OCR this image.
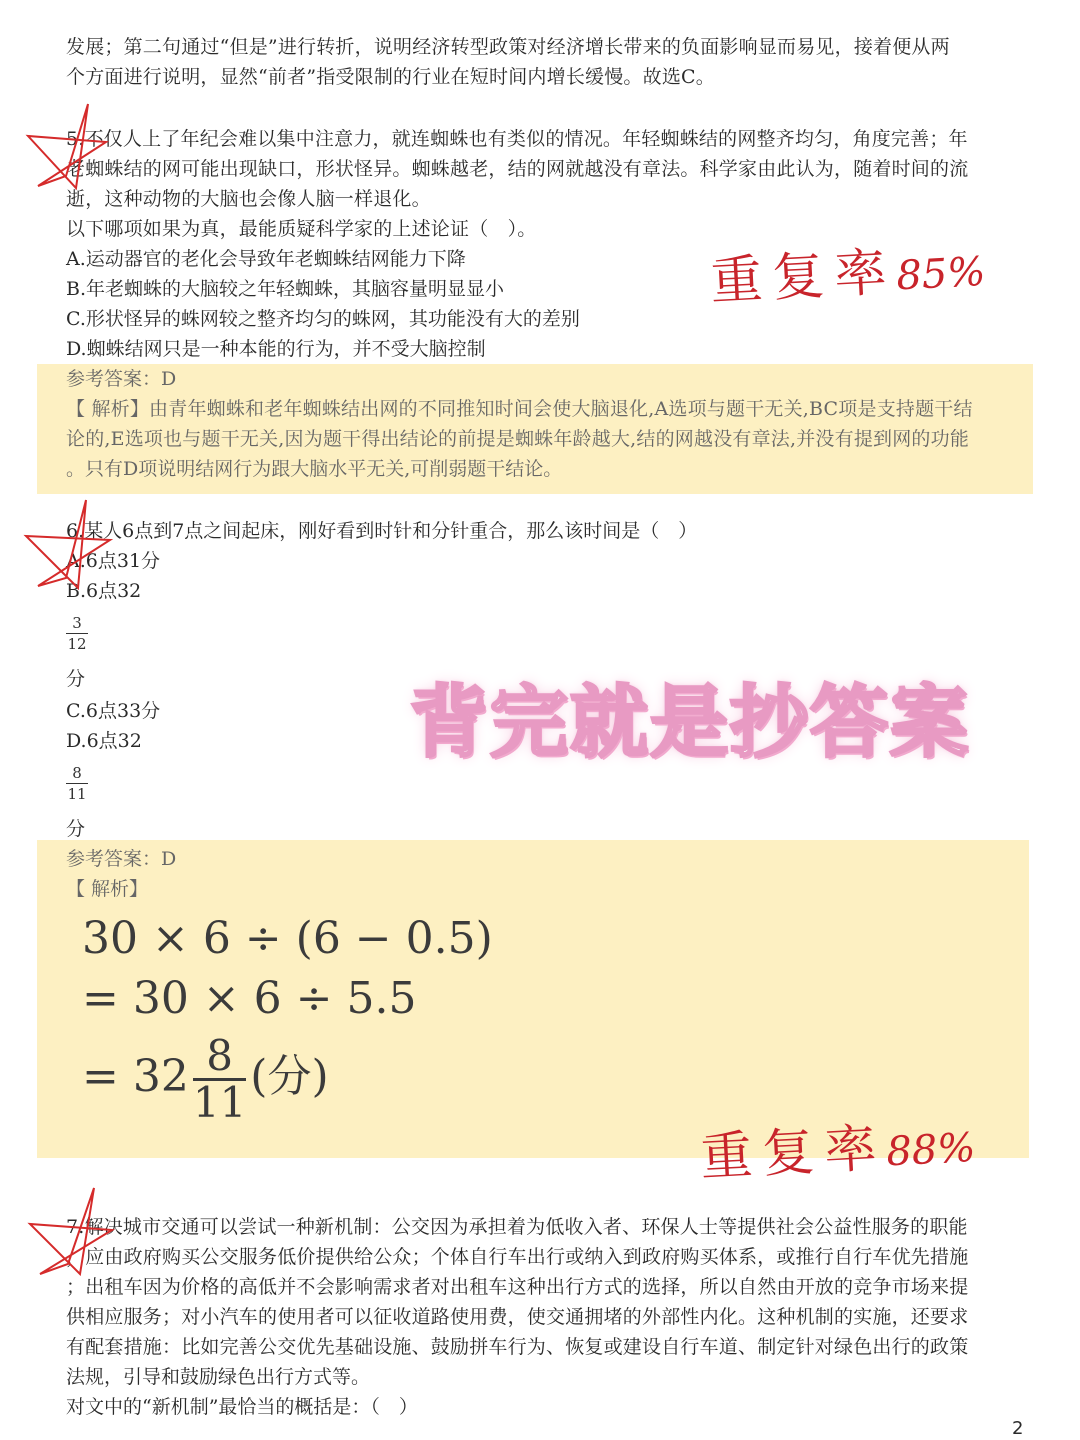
发展；第二句通过“但是”进行转折，说明经济转型政策对经济增长带来的负面影响显而易见，接着便从两
个方面进行说明，显然“前者”指受限制的行业在短时间内增长缓慢。故选C。
5.不仅人上了年纪会难以集中注意力，就连蜘蛛也有类似的情况。年轻蜘蛛结的网整齐均匀，角度完善；年
老蜘蛛结的网可能出现缺口，形状怪异。蜘蛛越老，结的网就越没有章法。科学家由此认为，随着时间的流
逝，这种动物的大脑也会像人脑一样退化。
以下哪项如果为真，最能质疑科学家的上述论证（　）。
A.运动器官的老化会导致年老蜘蛛结网能力下降
B.年老蜘蛛的大脑较之年轻蜘蛛，其脑容量明显显小
C.形状怪异的蛛网较之整齐均匀的蛛网，其功能没有大的差别
D.蜘蛛结网只是一种本能的行为，并不受大脑控制
参考答案：D
【 解析】由青年蜘蛛和老年蜘蛛结出网的不同推知时间会使大脑退化,A选项与题干无关,BC项是支持题干结
论的,E选项也与题干无关,因为题干得出结论的前提是蜘蛛年龄越大,结的网越没有章法,并没有提到网的功能
。只有D项说明结网行为跟大脑水平无关,可削弱题干结论。
重复率85%
6.某人6点到7点之间起床，刚好看到时针和分针重合，那么该时间是（　）
A.6点31分
B.6点32
3
12
分
C.6点33分
D.6点32
8
11
分
参考答案：D
【 解析】
30 × 6 ÷ (6 − 0.5)
= 30 × 6 ÷ 5.5
= $32\frac{8}{11}$(分)
重复率88%
背完就是抄答案
7.解决城市交通可以尝试一种新机制：公交因为承担着为低收入者、环保人士等提供社会公益性服务的职能
，应由政府购买公交服务低价提供给公众；个体自行车出行或纳入到政府购买体系，或推行自行车优先措施
；出租车因为价格的高低并不会影响需求者对出租车这种出行方式的选择，所以自然由开放的竞争市场来提
供相应服务；对小汽车的使用者可以征收道路使用费，使交通拥堵的外部性内化。这种机制的实施，还要求
有配套措施：比如完善公交优先基础设施、鼓励拼车行为、恢复或建设自行车道、制定针对绿色出行的政策
法规，引导和鼓励绿色出行方式等。
对文中的“新机制”最恰当的概括是：（　）
2
